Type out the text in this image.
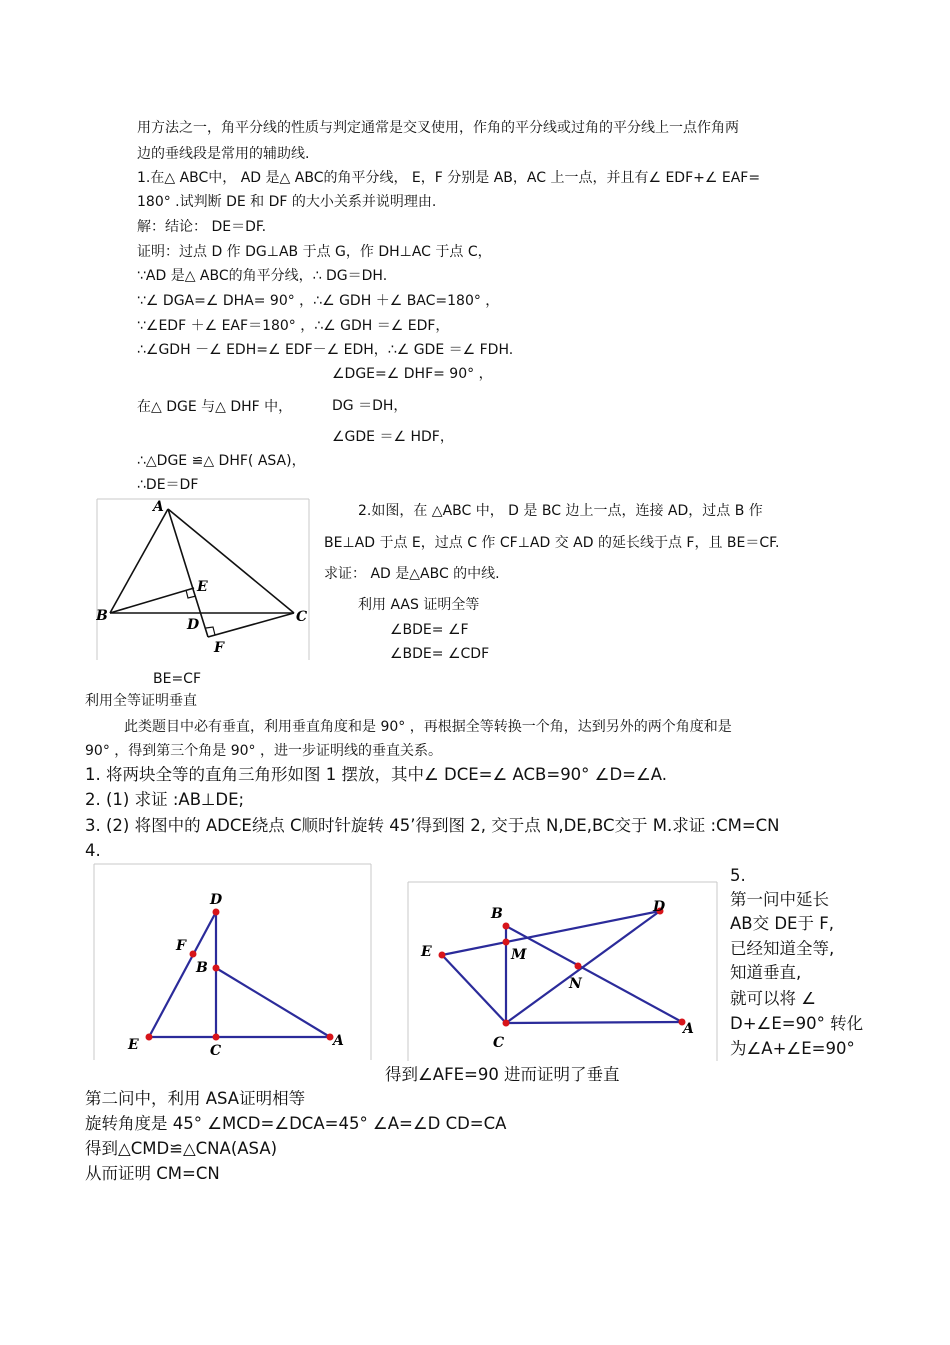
用方法之一，角平分线的性质与判定通常是交叉使用，作角的平分线或过角的平分线上一点作角两
边的垂线段是常用的辅助线.
1.在△ ABC中， AD 是△ ABC的角平分线， E，F 分别是 AB，AC 上一点，并且有∠ EDF+∠ EAF=
180° .试判断 DE 和 DF 的大小关系并说明理由.
解：结论： DE＝DF.
证明：过点 D 作 DG⊥AB 于点 G，作 DH⊥AC 于点 C，
∵AD 是△ ABC的角平分线，∴ DG＝DH.
∵∠ DGA=∠ DHA= 90° ，∴∠ GDH ＋∠ BAC=180° ，
∵∠EDF ＋∠ EAF＝180° ，∴∠ GDH ＝∠ EDF，
∴∠GDH －∠ EDH=∠ EDF－∠ EDH，∴∠ GDE ＝∠ FDH.
∠DGE=∠ DHF= 90° ，
在△ DGE 与△ DHF 中，	DG ＝DH，
∠GDE ＝∠ HDF，
∴△DGE ≌△ DHF( ASA)，
∴DE＝DF
A
B	C
D
E
F
2.如图，在 △ABC 中， D 是 BC 边上一点，连接 AD，过点 B 作
BE⊥AD 于点 E，过点 C 作 CF⊥AD 交 AD 的延长线于点 F，且 BE＝CF.
求证： AD 是△ABC 的中线.
利用 AAS 证明全等
∠BDE= ∠F
∠BDE= ∠CDF
BE=CF
利用全等证明垂直
此类题目中必有垂直，利用垂直角度和是 90° ，再根据全等转换一个角，达到另外的两个角度和是
90° ，得到第三个角是 90° ，进一步证明线的垂直关系。
1. 将两块全等的直角三角形如图 1 摆放，其中∠ DCE=∠ ACB=90° ∠D=∠A.
2. (1) 求证 :AB⊥DE;
3. (2) 将图中的 ADCE绕点 C顺时针旋转 45’得到图 2, 交于点 N,DE,BC交于 M.求证 :CM=CN
4.
D
F
B
E	C
A
B	D
M
E
N
C
A
5.
第一问中延长
AB交 DE于 F,
已经知道全等,
知道垂直,
就可以将 ∠
D+∠E=90° 转化
为∠A+∠E=90°
得到∠AFE=90 进而证明了垂直
第二问中，利用 ASA证明相等
旋转角度是 45° ∠MCD=∠DCA=45° ∠A=∠D CD=CA
得到△CMD≌△CNA(ASA)
从而证明 CM=CN
